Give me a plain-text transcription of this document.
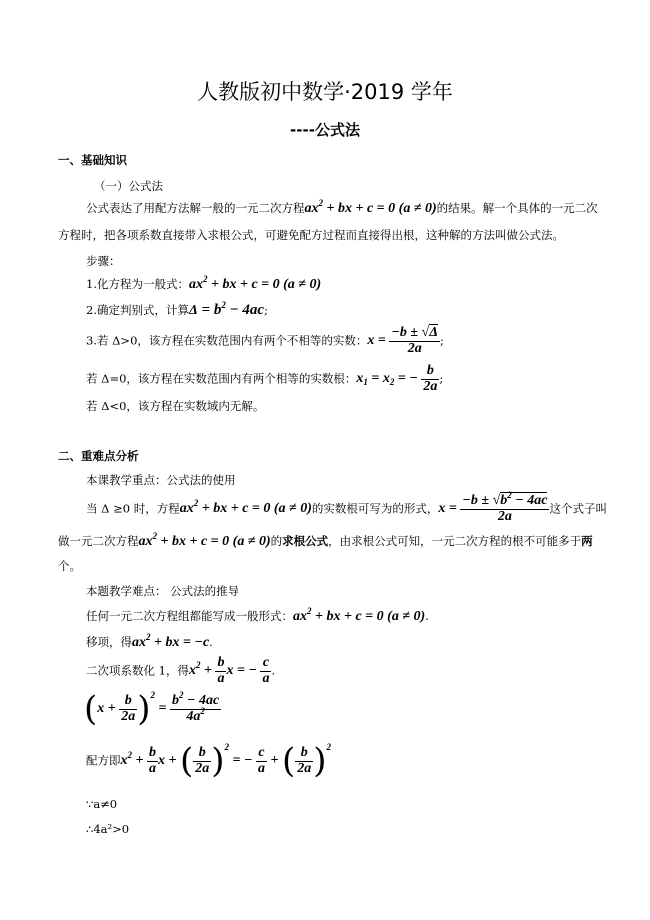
人教版初中数学·2019 学年
----公式法
一、基础知识
（一）公式法
公式表达了用配方法解一般的一元二次方程$ax^2$ + bx + c = 0 (a ≠ 0)的结果。解一个具体的一元二次
方程时，把各项系数直接带入求根公式，可避免配方过程而直接得出根，这种解的方法叫做公式法。
步骤：
1.化方程为一般式：$ax^2$ + bx + c = 0 (a ≠ 0)
2.确定判别式，计算$\Delta = b^2 - 4ac$;
3.若 Δ>0，该方程在实数范围内有两个不相等的实数：$x = \frac{-b \pm √\Delta}{2a}$ ;
若 Δ=0，该方程在实数范围内有两个相等的实数根：$x_1 = x_2$ = − $\frac{b}{2a}$ ;
若 Δ<0，该方程在实数域内无解。
二、重难点分析
本课教学重点：公式法的使用
当 Δ ≥0 时，方程$ax^2$ + bx + c = 0 (a ≠ 0)的实数根可写为的形式，$x = \frac{-b \pm √b^2 - 4ac}{2a}$ 这个式子叫
做一元二次方程$ax^2$ + bx + c = 0 (a ≠ 0)的求根公式，由求根公式可知，一元二次方程的根不可能多于两
个。
本题教学难点： 公式法的推导
任何一元二次方程组都能写成一般形式：$ax^2$ + bx + c = 0 (a ≠ 0).
移项，得$ax^2$ + bx = −c.
二次项系数化 1，得$x^2 + \frac{b}{a}$ x = − $\frac{c}{a}$ .
$(x + \frac{b}{2a} )^2 = \frac{b^2 - 4ac}{4a^2}$
配方即$x^2 + \frac{b}{a}$ x + ( $\frac{b}{2a} )^2$ = − $\frac{c}{a}$ + ( $\frac{b}{2a} )^2$
∵a≠0
∴4a²>0
